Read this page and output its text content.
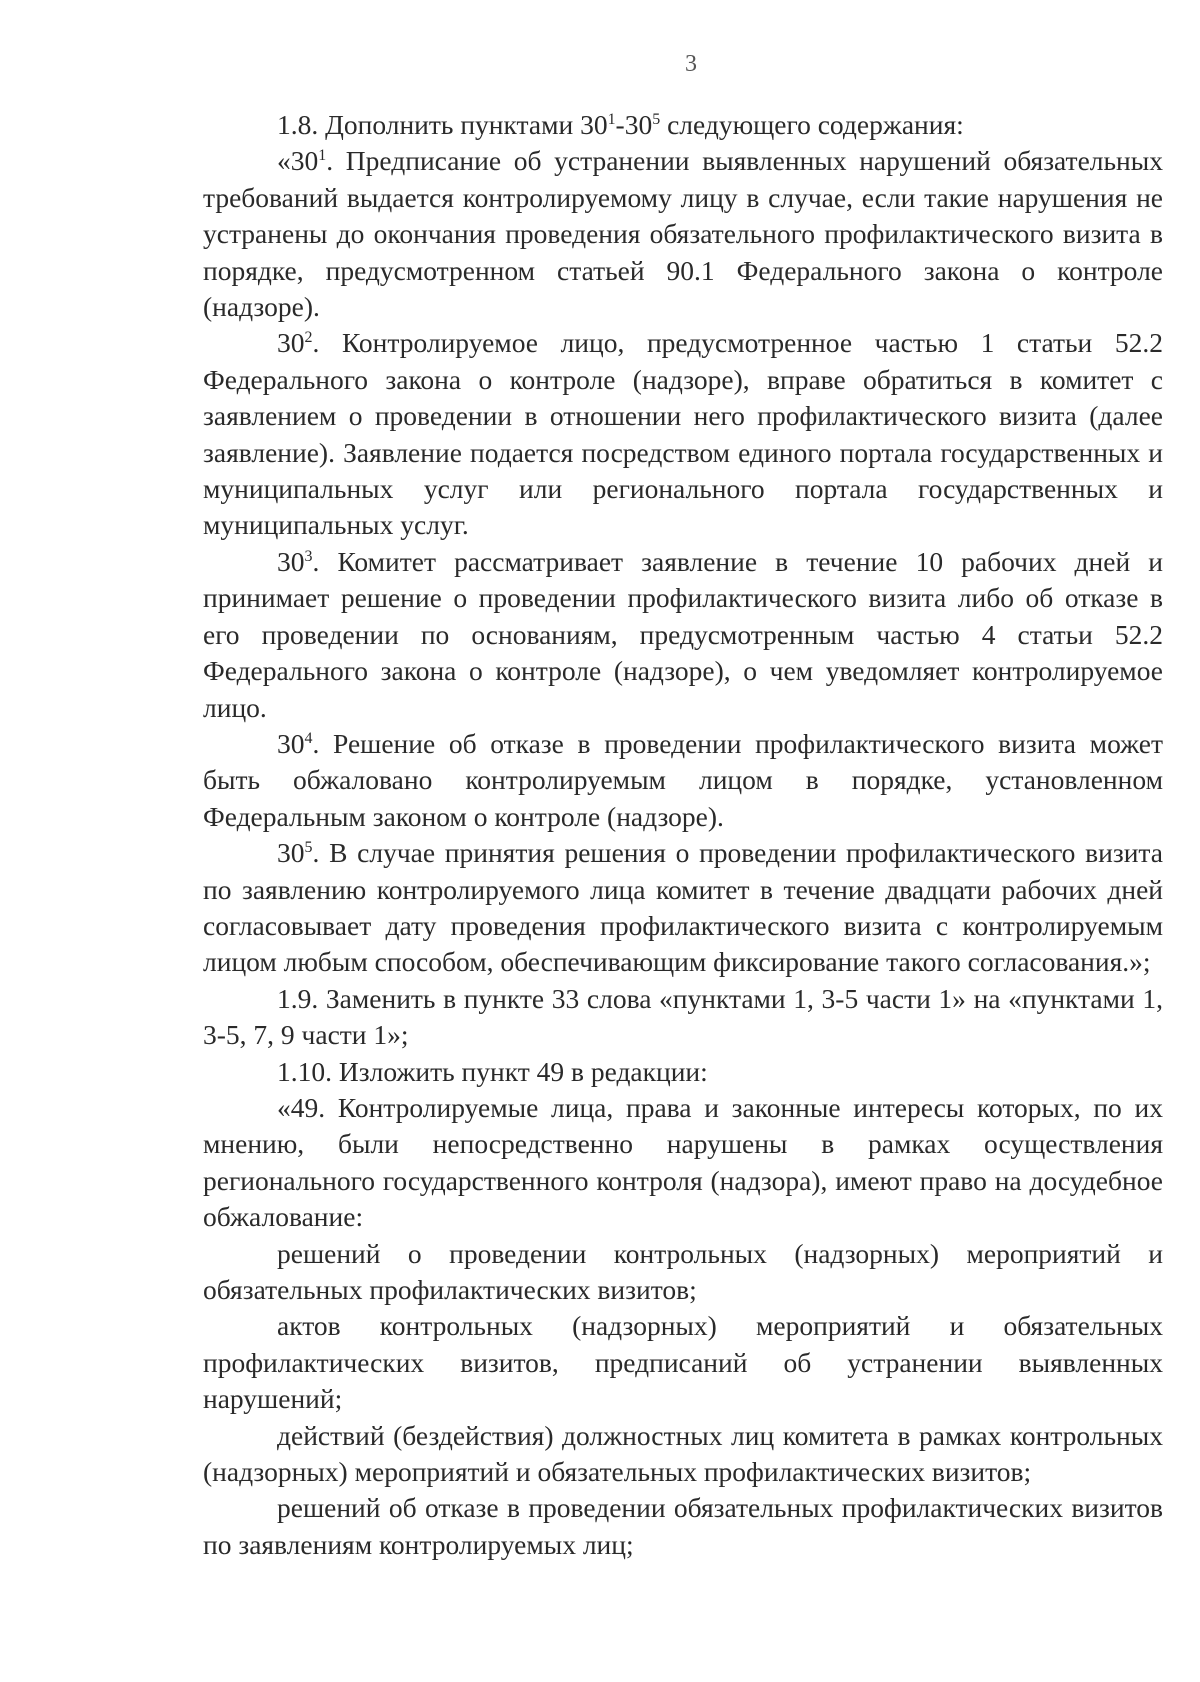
3

1.8. Дополнить пунктами $30^1-30^5$ следующего содержания:

«$30^1$. Предписание об устранении выявленных нарушений обязательных требований выдается контролируемому лицу в случае, если такие нарушения не устранены до окончания проведения обязательного профилактического визита в порядке, предусмотренном статьей 90.1 Федерального закона о контроле (надзоре).

$30^2$. Контролируемое лицо, предусмотренное частью 1 статьи 52.2 Федерального закона о контроле (надзоре), вправе обратиться в комитет с заявлением о проведении в отношении него профилактического визита (далее заявление). Заявление подается посредством единого портала государственных и муниципальных услуг или регионального портала государственных и муниципальных услуг.

$30^3$. Комитет рассматривает заявление в течение 10 рабочих дней и принимает решение о проведении профилактического визита либо об отказе в его проведении по основаниям, предусмотренным частью 4 статьи 52.2 Федерального закона о контроле (надзоре), о чем уведомляет контролируемое лицо.

$30^4$. Решение об отказе в проведении профилактического визита может быть обжаловано контролируемым лицом в порядке, установленном Федеральным законом о контроле (надзоре).

$30^5$. В случае принятия решения о проведении профилактического визита по заявлению контролируемого лица комитет в течение двадцати рабочих дней согласовывает дату проведения профилактического визита с контролируемым лицом любым способом, обеспечивающим фиксирование такого согласования.»;

1.9. Заменить в пункте 33 слова «пунктами 1, 3-5 части 1» на «пунктами 1, 3-5, 7, 9 части 1»;

1.10. Изложить пункт 49 в редакции:

«49. Контролируемые лица, права и законные интересы которых, по их мнению, были непосредственно нарушены в рамках осуществления регионального государственного контроля (надзора), имеют право на досудебное обжалование:

решений о проведении контрольных (надзорных) мероприятий и обязательных профилактических визитов;

актов контрольных (надзорных) мероприятий и обязательных профилактических визитов, предписаний об устранении выявленных нарушений;

действий (бездействия) должностных лиц комитета в рамках контрольных (надзорных) мероприятий и обязательных профилактических визитов;

решений об отказе в проведении обязательных профилактических визитов по заявлениям контролируемых лиц;
